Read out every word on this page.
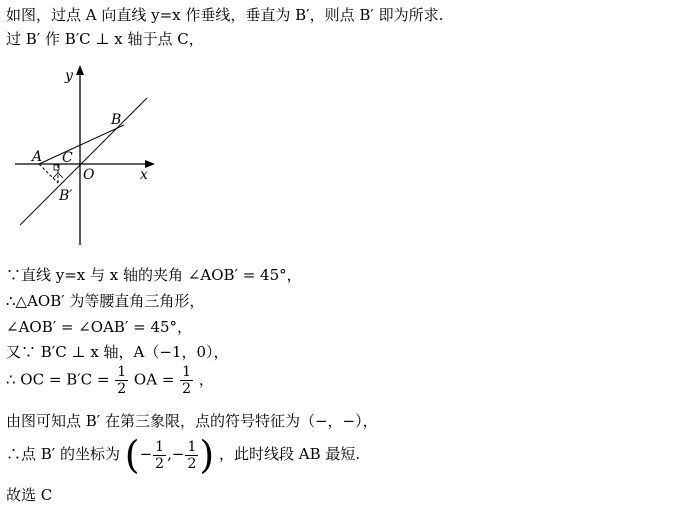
如图，过点 A 向直线 y=x 作垂线，垂直为 B′，则点 B′ 即为所求.
过 B′ 作 B′C ⊥ x 轴于点 C，
y
x
O
A C
B
B′
∵直线 y=x 与 x 轴的夹角 ∠AOB′ = 45°，
∴△AOB′ 为等腰直角三角形，
∠AOB′ = ∠OAB′ = 45°，
又∵ B′C ⊥ x 轴，A（−1，0），
∴ OC = $B'C = \frac{1}{2}$ OA = $\frac{1}{2}$ ，
由图可知点 B′ 在第三象限，点的符号特征为（−，−），
∴点 B′ 的坐标为 (− $\frac{1}{2}$ ,− $\frac{1}{2}$ ) ，此时线段 AB 最短.
故选 C
